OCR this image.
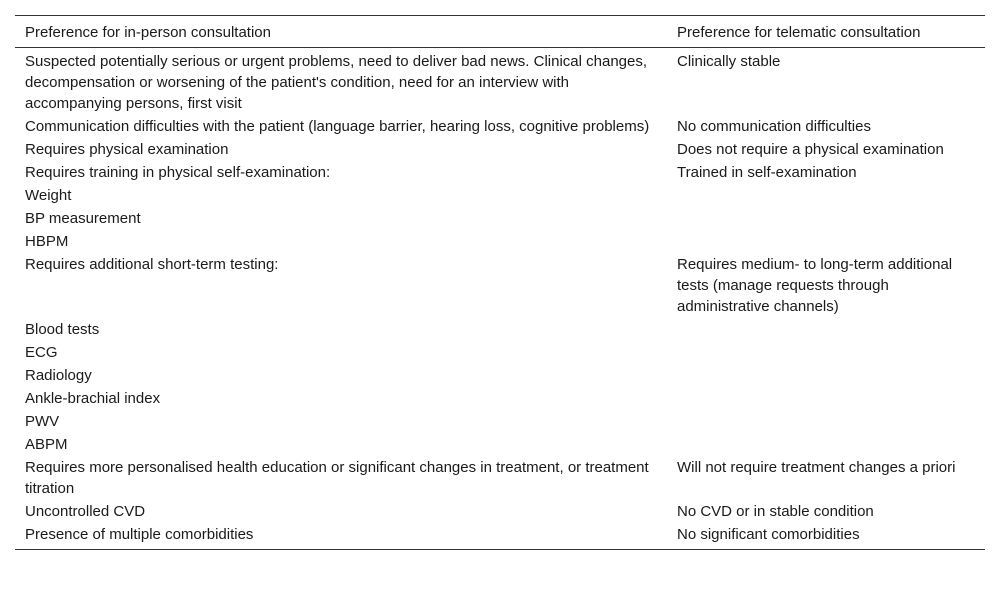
Preference for in-person consultation	Preference for telematic consultation
Suspected potentially serious or urgent problems, need to deliver bad news. Clinical changes, decompensation or worsening of the patient's condition, need for an interview with accompanying persons, first visit	Clinically stable
Communication difficulties with the patient (language barrier, hearing loss, cognitive problems)	No communication difficulties
Requires physical examination	Does not require a physical examination
Requires training in physical self-examination:	Trained in self-examination
Weight	
BP measurement	
HBPM	
Requires additional short-term testing:	Requires medium- to long-term additional tests (manage requests through administrative channels)
Blood tests	
ECG	
Radiology	
Ankle-brachial index	
PWV	
ABPM	
Requires more personalised health education or significant changes in treatment, or treatment titration	Will not require treatment changes a priori
Uncontrolled CVD	No CVD or in stable condition
Presence of multiple comorbidities	No significant comorbidities
